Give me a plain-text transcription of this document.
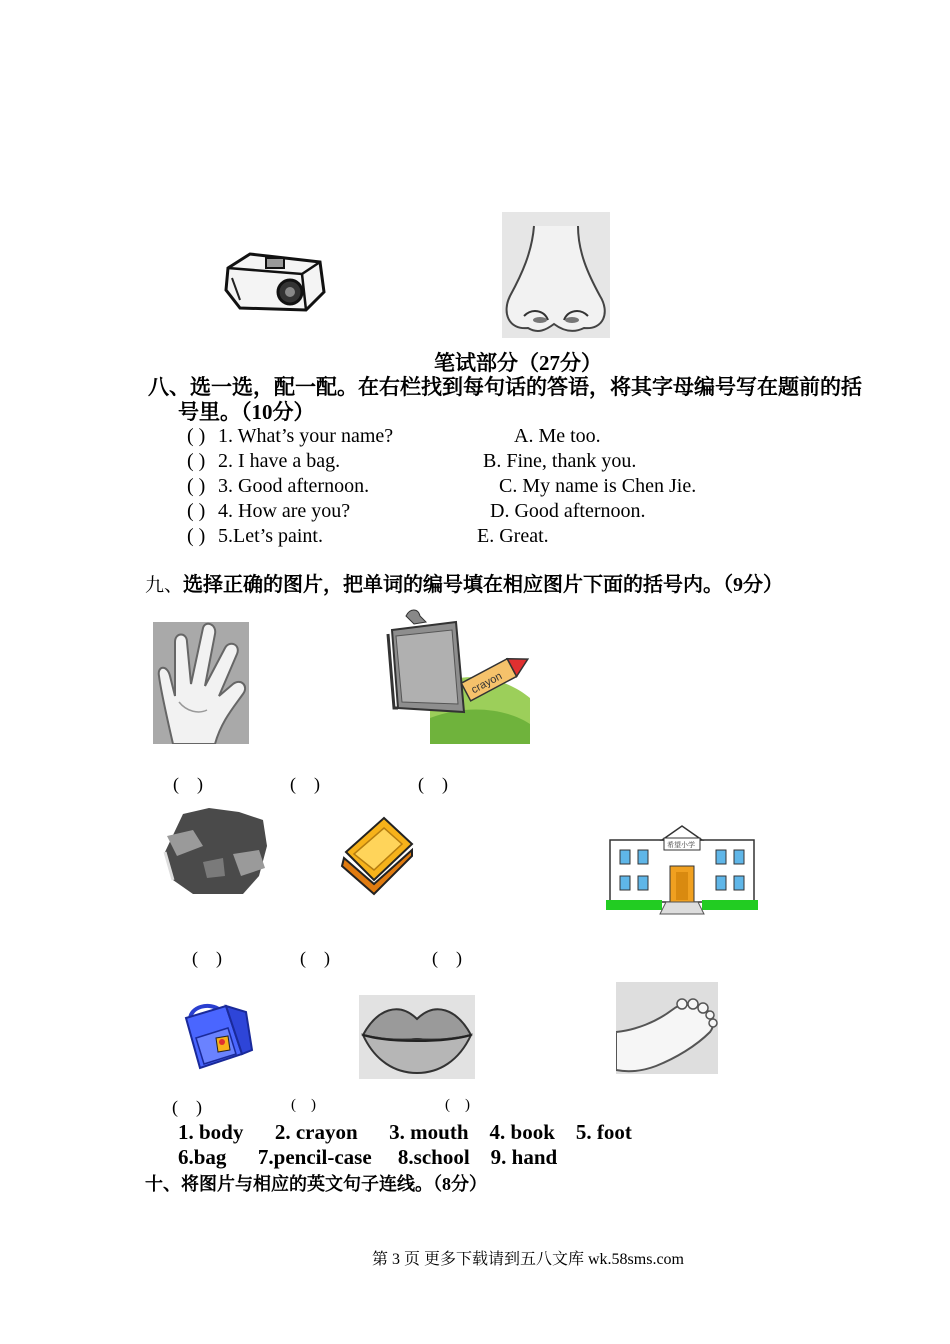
笔试部分（27分）
八、选一选，配一配。在右栏找到每句话的答语，将其字母编号写在题前的括
号里。（10分）
( ) 1. What’s your name?	A. Me too.
( ) 2. I have a bag.	B. Fine, thank you.
( ) 3. Good afternoon.	C. My name is Chen Jie.
( ) 4. How are you?	D. Good afternoon.
( ) 5.Let’s paint.	E. Great.
九、选择正确的图片，把单词的编号填在相应图片下面的括号内。（9分）
crayon
(    )	(    )	(    )
希望小学
(    )	(    )	(    )
(    )	(    )	(    )
1. body      2. crayon      3. mouth    4. book    5. foot
6.bag      7.pencil-case     8.school    9. hand
十、将图片与相应的英文句子连线。（8分）
第 3 页 更多下载请到五八文库 wk.58sms.com
